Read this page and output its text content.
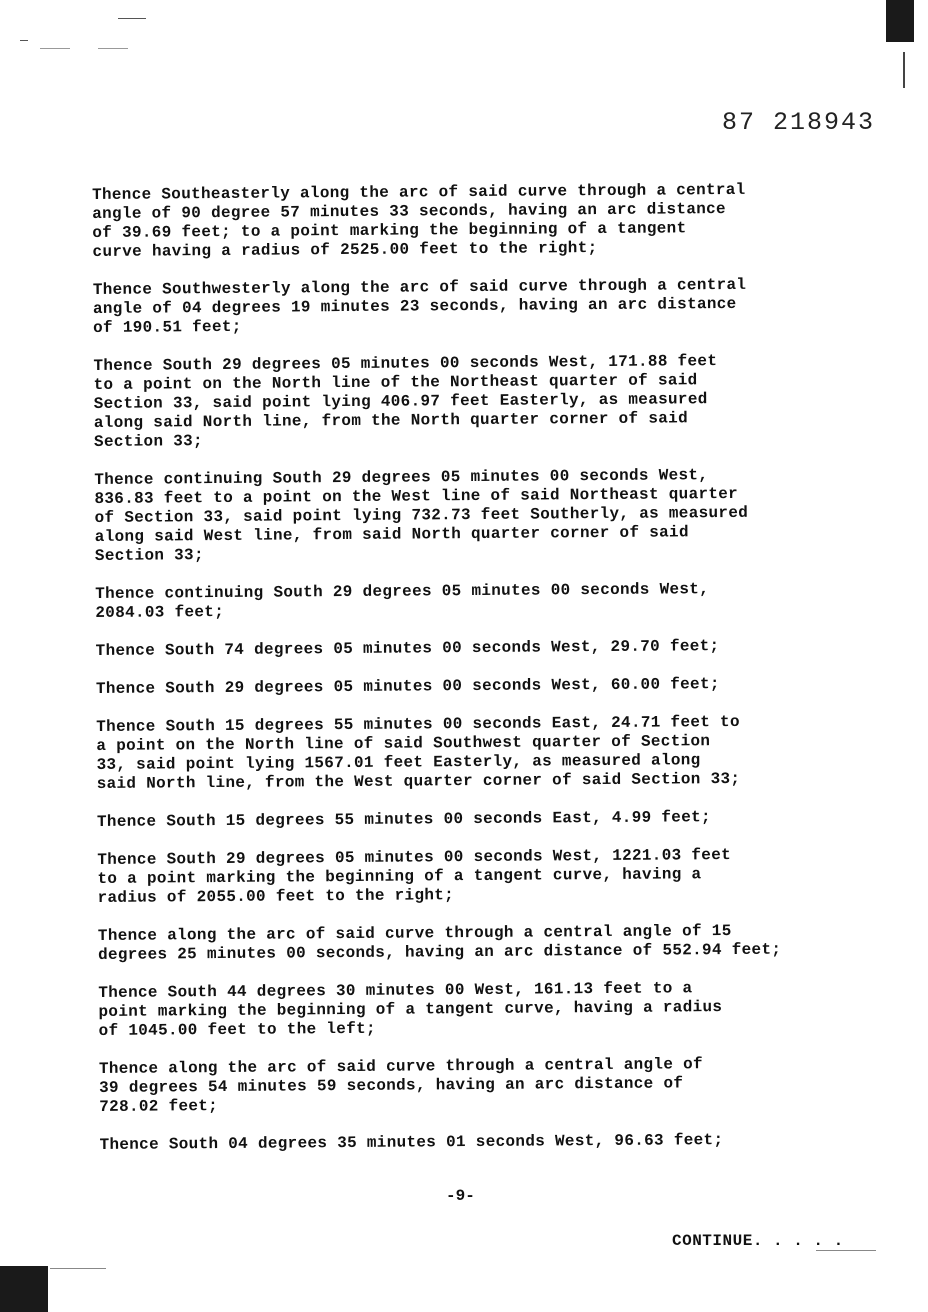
87 218943

Thence Southeasterly along the arc of said curve through a central
angle of 90 degree 57 minutes 33 seconds, having an arc distance
of 39.69 feet; to a point marking the beginning of a tangent
curve having a radius of 2525.00 feet to the right;

Thence Southwesterly along the arc of said curve through a central
angle of 04 degrees 19 minutes 23 seconds, having an arc distance
of 190.51 feet;

Thence South 29 degrees 05 minutes 00 seconds West, 171.88 feet
to a point on the North line of the Northeast quarter of said
Section 33, said point lying 406.97 feet Easterly, as measured
along said North line, from the North quarter corner of said
Section 33;

Thence continuing South 29 degrees 05 minutes 00 seconds West,
836.83 feet to a point on the West line of said Northeast quarter
of Section 33, said point lying 732.73 feet Southerly, as measured
along said West line, from said North quarter corner of said
Section 33;

Thence continuing South 29 degrees 05 minutes 00 seconds West,
2084.03 feet;

Thence South 74 degrees 05 minutes 00 seconds West, 29.70 feet;

Thence South 29 degrees 05 minutes 00 seconds West, 60.00 feet;

Thence South 15 degrees 55 minutes 00 seconds East, 24.71 feet to
a point on the North line of said Southwest quarter of Section
33, said point lying 1567.01 feet Easterly, as measured along
said North line, from the West quarter corner of said Section 33;

Thence South 15 degrees 55 minutes 00 seconds East, 4.99 feet;

Thence South 29 degrees 05 minutes 00 seconds West, 1221.03 feet
to a point marking the beginning of a tangent curve, having a
radius of 2055.00 feet to the right;

Thence along the arc of said curve through a central angle of 15
degrees 25 minutes 00 seconds, having an arc distance of 552.94 feet;

Thence South 44 degrees 30 minutes 00 West, 161.13 feet to a
point marking the beginning of a tangent curve, having a radius
of 1045.00 feet to the left;

Thence along the arc of said curve through a central angle of
39 degrees 54 minutes 59 seconds, having an arc distance of
728.02 feet;

Thence South 04 degrees 35 minutes 01 seconds West, 96.63 feet;

-9-
CONTINUE. . . . .
